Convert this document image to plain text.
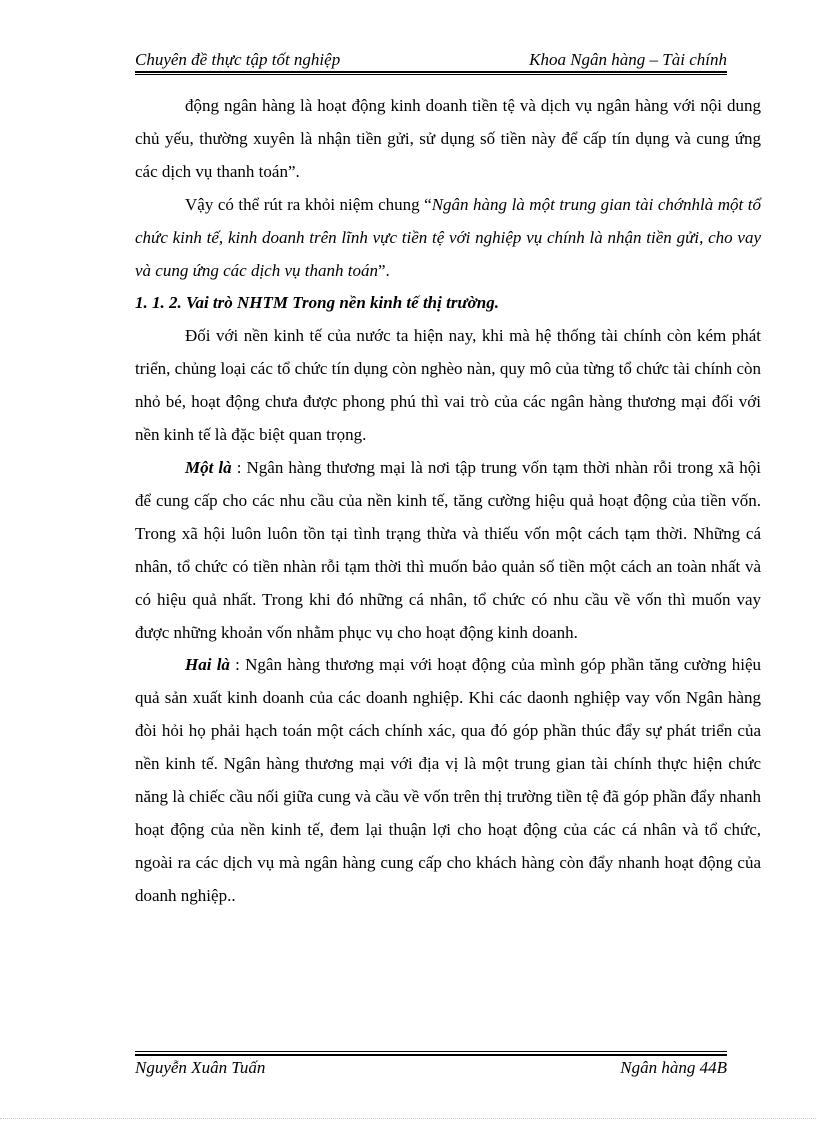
Chuyên đề thực tập tốt nghiệp	Khoa Ngân hàng – Tài chính

động ngân hàng là hoạt động kinh doanh tiền tệ và dịch vụ ngân hàng với nội dung chủ yếu, thường xuyên là nhận tiền gửi, sử dụng số tiền này để cấp tín dụng và cung ứng các dịch vụ thanh toán”.

Vậy có thể rút ra khỏi niệm chung “Ngân hàng là một trung gian tài chớnhlà một tổ chức kinh tế, kinh doanh trên lĩnh vực tiền tệ với nghiệp vụ chính là nhận tiền gửi, cho vay và cung ứng các dịch vụ thanh toán”.

1. 1. 2. Vai trò NHTM Trong nền kinh tế thị trường.

Đối với nền kinh tế của nước ta hiện nay, khi mà hệ thống tài chính còn kém phát triển, chủng loại các tổ chức tín dụng còn nghèo nàn, quy mô của từng tổ chức tài chính còn nhỏ bé, hoạt động chưa được phong phú thì vai trò của các ngân hàng thương mại đối với nền kinh tế là đặc biệt quan trọng.

Một là : Ngân hàng thương mại là nơi tập trung vốn tạm thời nhàn rỗi trong xã hội để cung cấp cho các nhu cầu của nền kinh tế, tăng cường hiệu quả hoạt động của tiền vốn. Trong xã hội luôn luôn tồn tại tình trạng thừa và thiếu vốn một cách tạm thời. Những cá nhân, tổ chức có tiền nhàn rỗi tạm thời thì muốn bảo quản số tiền một cách an toàn nhất và có hiệu quả nhất. Trong khi đó những cá nhân, tổ chức có nhu cầu về vốn thì muốn vay được những khoản vốn nhằm phục vụ cho hoạt động kinh doanh.

Hai là : Ngân hàng thương mại với hoạt động của mình góp phần tăng cường hiệu quả sản xuất kinh doanh của các doanh nghiệp. Khi các daonh nghiệp vay vốn Ngân hàng đòi hỏi họ phải hạch toán một cách chính xác, qua đó góp phần thúc đẩy sự phát triển của nền kinh tế. Ngân hàng thương mại với địa vị là một trung gian tài chính thực hiện chức năng là chiếc cầu nối giữa cung và cầu về vốn trên thị trường tiền tệ đã góp phần đẩy nhanh hoạt động của nền kinh tế, đem lại thuận lợi cho hoạt động của các cá nhân và tổ chức, ngoài ra các dịch vụ mà ngân hàng cung cấp cho khách hàng còn đẩy nhanh hoạt động của doanh nghiệp..

Nguyễn Xuân Tuấn	Ngân hàng 44B
